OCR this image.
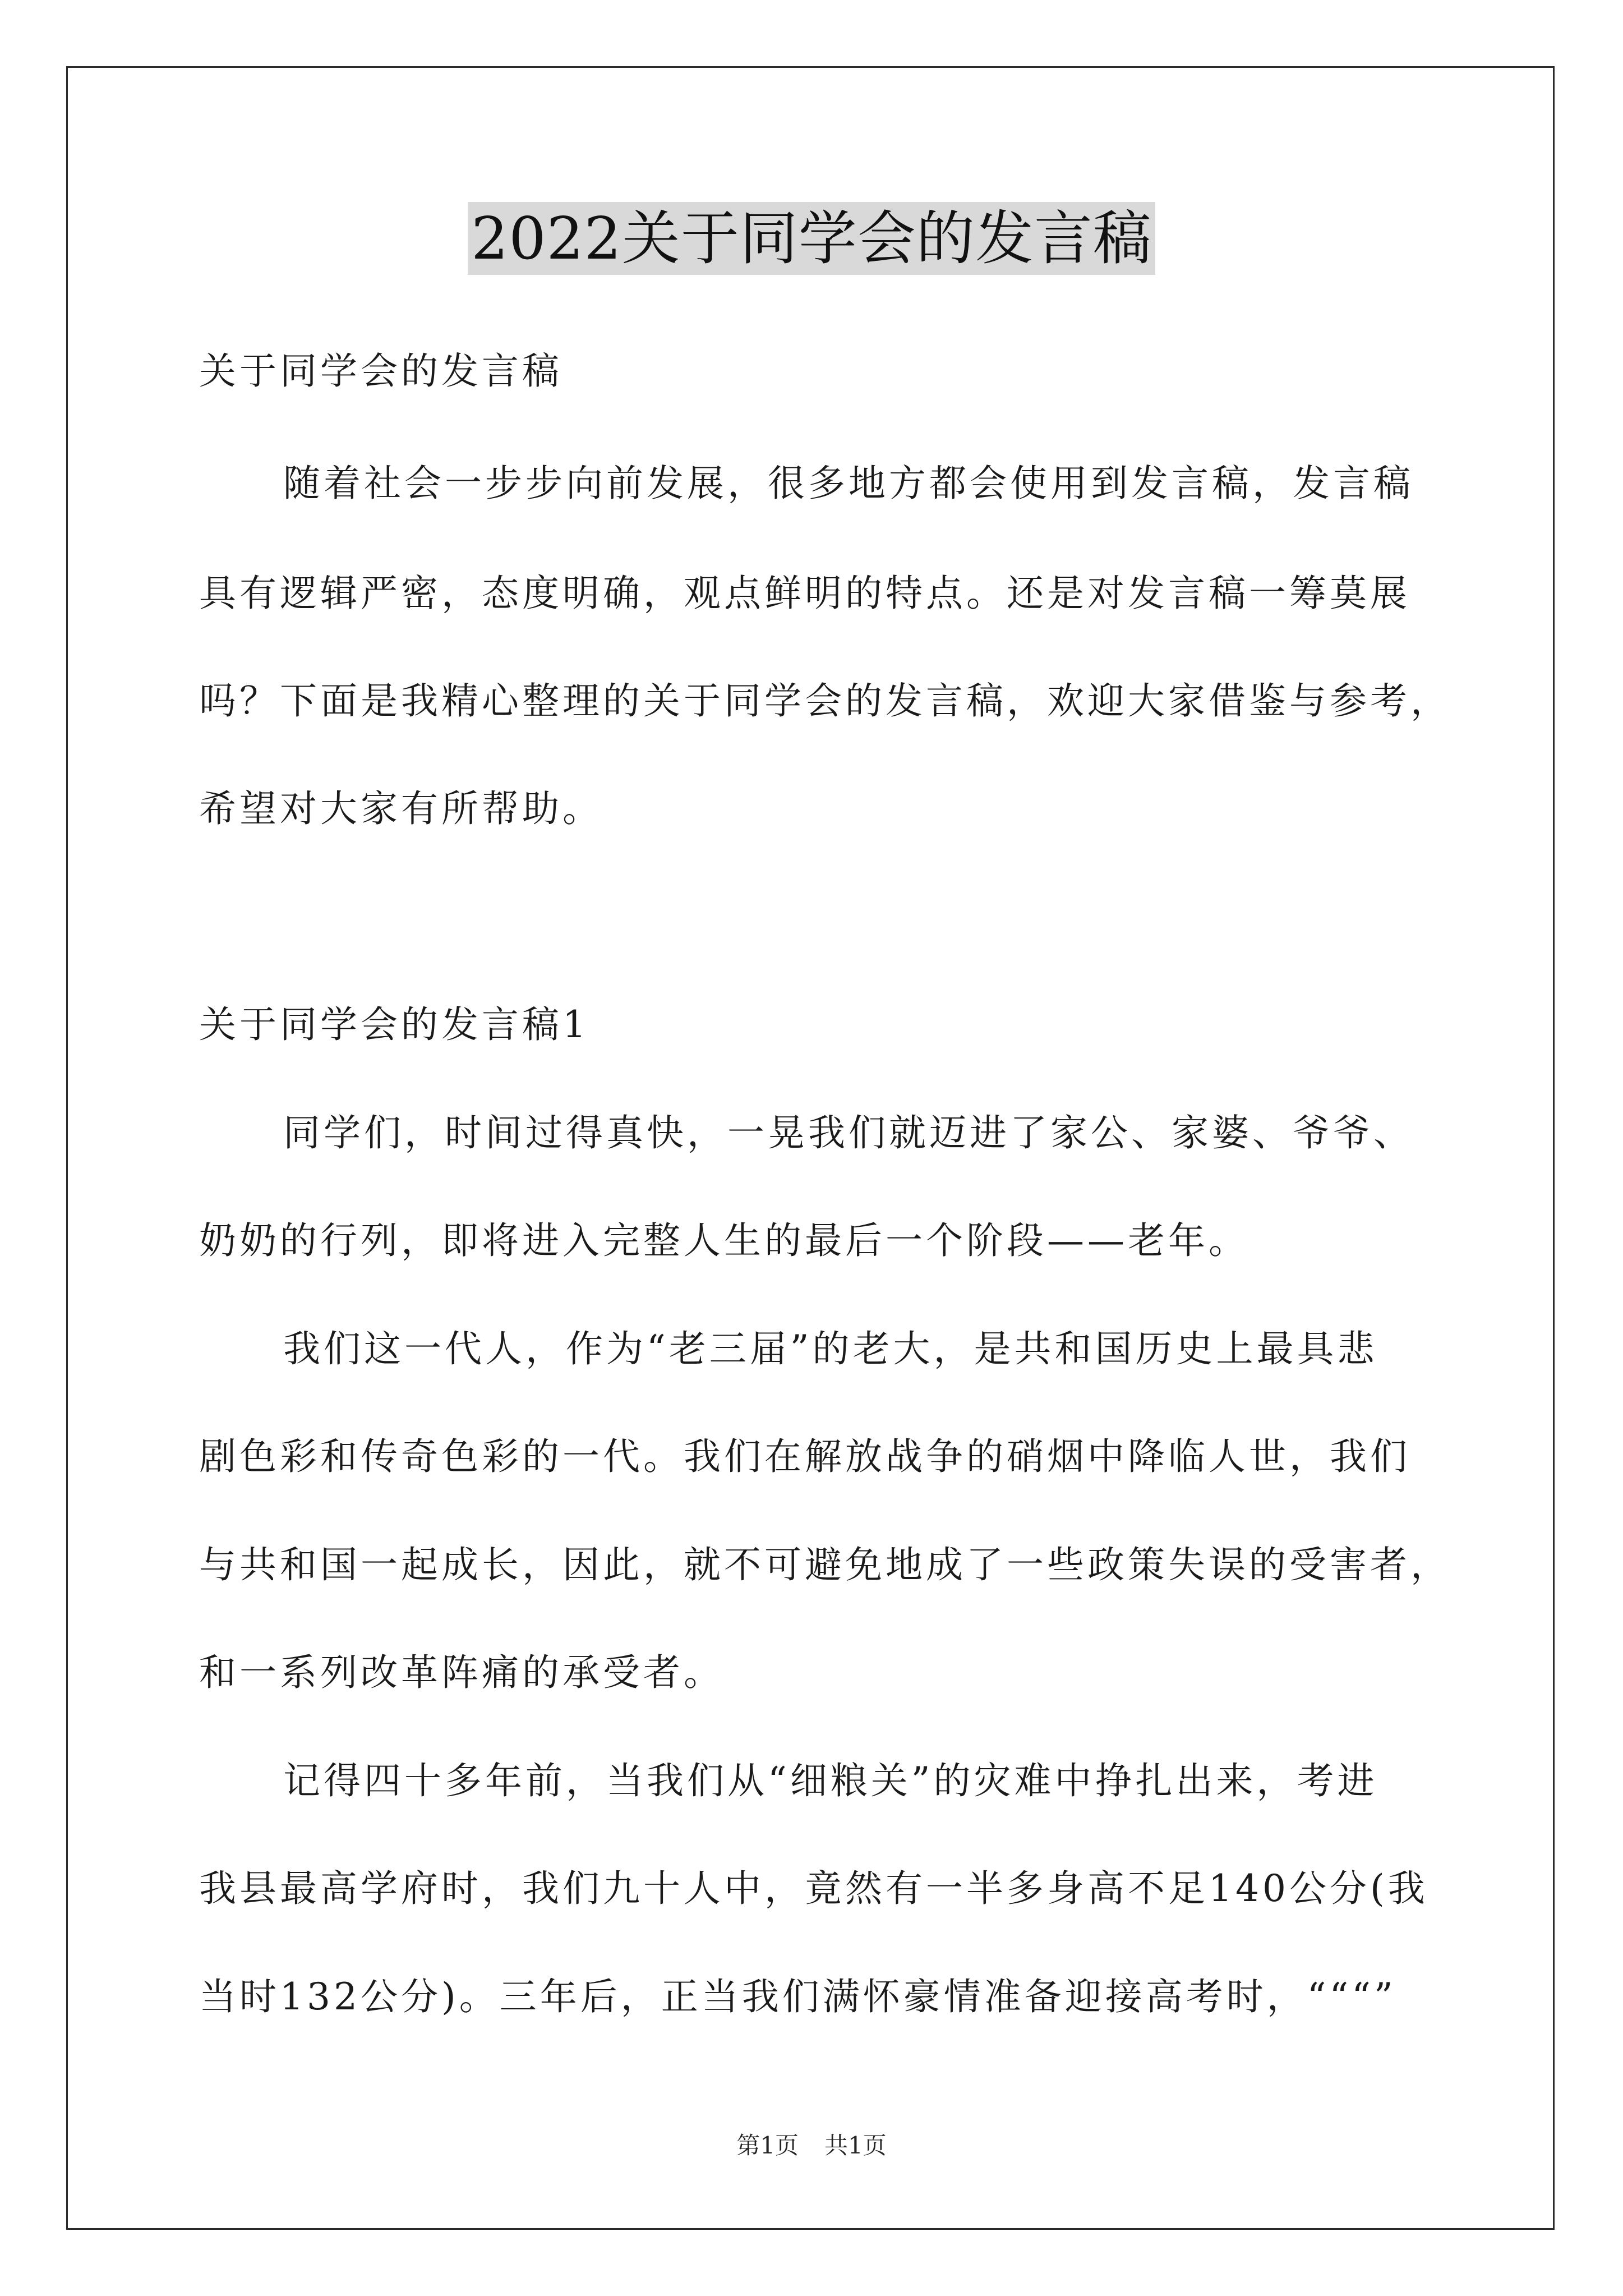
2022关于同学会的发言稿
关于同学会的发言稿
随着社会一步步向前发展，很多地方都会使用到发言稿，发言稿
具有逻辑严密，态度明确，观点鲜明的特点。还是对发言稿一筹莫展
吗？下面是我精心整理的关于同学会的发言稿，欢迎大家借鉴与参考，
希望对大家有所帮助。
关于同学会的发言稿1
同学们，时间过得真快，一晃我们就迈进了家公、家婆、爷爷、
奶奶的行列，即将进入完整人生的最后一个阶段——老年。
我们这一代人，作为“老三届”的老大，是共和国历史上最具悲
剧色彩和传奇色彩的一代。我们在解放战争的硝烟中降临人世，我们
与共和国一起成长，因此，就不可避免地成了一些政策失误的受害者，
和一系列改革阵痛的承受者。
记得四十多年前，当我们从“细粮关”的灾难中挣扎出来，考进
我县最高学府时，我们九十人中，竟然有一半多身高不足140公分(我
当时132公分)。三年后，正当我们满怀豪情准备迎接高考时，“““”
第1页 共1页
